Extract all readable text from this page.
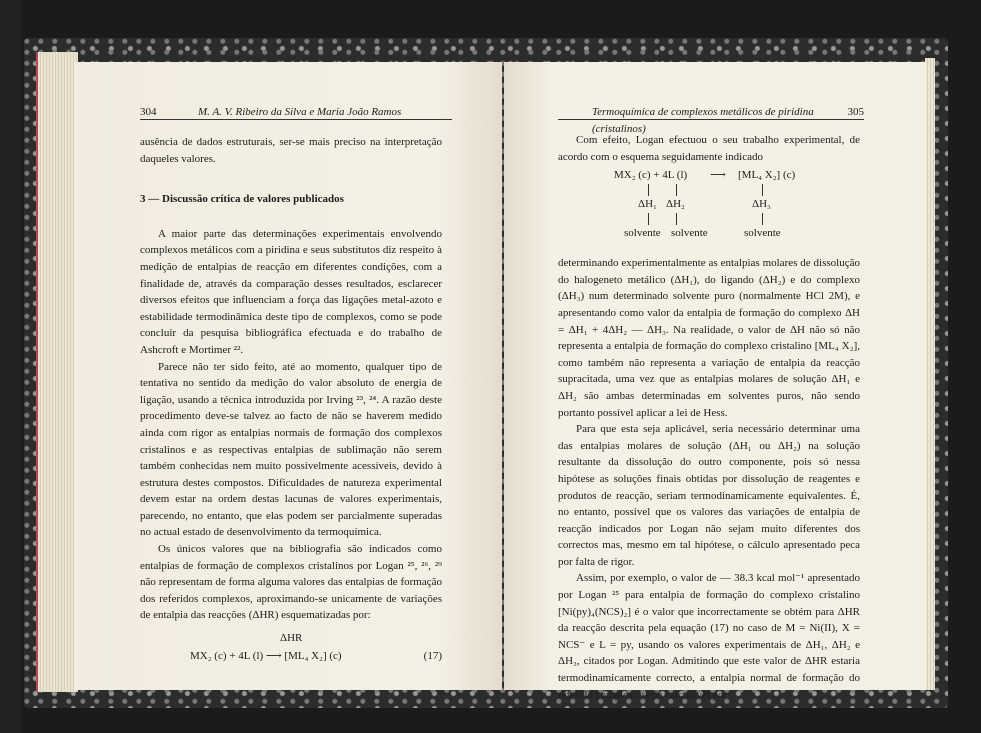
304	M. A. V. Ribeiro da Silva e Maria João Ramos

ausência de dados estruturais, ser-se mais preciso na interpretação daqueles valores.

3 — Discussão crítica de valores publicados

A maior parte das determinações experimentais envolvendo complexos metálicos com a piridina e seus substitutos diz respeito à medição de entalpias de reacção em diferentes condições, com a finalidade de, através da comparação desses resultados, esclarecer diversos efeitos que influenciam a força das ligações metal-azoto e estabilidade termodinâmica deste tipo de complexos, como se pode concluir da pesquisa bibliográfica efectuada e do trabalho de Ashcroft e Mortimer ²².

Parece não ter sido feito, até ao momento, qualquer tipo de tentativa no sentido da medição do valor absoluto de energia de ligação, usando a técnica introduzida por Irving ²³, ²⁴. A razão deste procedimento deve-se talvez ao facto de não se haverem medido ainda com rigor as entalpias normais de formação dos complexos cristalinos e as respectivas entalpias de sublimação não serem também conhecidas nem muito possivelmente acessíveis, devido à estrutura destes compostos. Dificuldades de natureza experimental devem estar na ordem destas lacunas de valores experimentais, parecendo, no entanto, que elas podem ser parcialmente superadas no actual estado de desenvolvimento da termoquímica.

Os únicos valores que na bibliografia são indicados como entalpias de formação de complexos cristalinos por Logan ²⁵, ²⁶, ²⁹ não representam de forma alguma valores das entalpias de formação dos referidos complexos, aproximando-se unicamente de variações de entalpia das reacções (ΔHR) esquematizadas por:

ΔHR
MX₂ (c) + 4L (l) ⟶ [ML₄ X₂] (c)	(17)
Termoquímica de complexos metálicos de piridina (cristalinos)
305

Com efeito, Logan efectuou o seu trabalho experimental, de acordo com o esquema seguidamente indicado

MX₂ (c) + 4L (l) ⟶ [ML₄ X₂] (c)
ΔH₁ ΔH₂	ΔH₃
solvente solvente	solvente

determinando experimentalmente as entalpias molares de dissolução do halogeneto metálico (ΔH₁), do ligando (ΔH₂) e do complexo (ΔH₃) num determinado solvente puro (normalmente HCl 2M), e apresentando como valor da entalpia de formação do complexo ΔH = ΔH₁ + 4ΔH₂ — ΔH₃. Na realidade, o valor de ΔH não só não representa a entalpia de formação do complexo cristalino [ML₄ X₂], como também não representa a variação de entalpia da reacção supracitada, uma vez que as entalpias molares de solução ΔH₁ e ΔH₂ são ambas determinadas em solventes puros, não sendo portanto possível aplicar a lei de Hess.

Para que esta seja aplicável, seria necessário determinar uma das entalpias molares de solução (ΔH₁ ou ΔH₂) na solução resultante da dissolução do outro componente, pois só nessa hipótese as soluções finais obtidas por dissolução de reagentes e produtos de reacção, seriam termodinamicamente equivalentes. É, no entanto, possível que os valores das variações de entalpia de reacção indicados por Logan não sejam muito diferentes dos correctos mas, mesmo em tal hipótese, o cálculo apresentado peca por falta de rigor.

Assim, por exemplo, o valor de — 38.3 kcal mol⁻¹ apresentado por Logan ²⁵ para entalpia de formação do complexo cristalino [Ni(py)₄(NCS)₂] é o valor que incorrectamente se obtém para ΔHR da reacção descrita pela equação (17) no caso de M = Ni(II), X = NCS⁻ e L = py, usando os valores experimentais de ΔH₁, ΔH₂ e ΔH₃, citados por Logan. Admitindo que este valor de ΔHR estaria termodinamicamente correcto, a entalpia normal de formação do referido complexo seria calculável por
